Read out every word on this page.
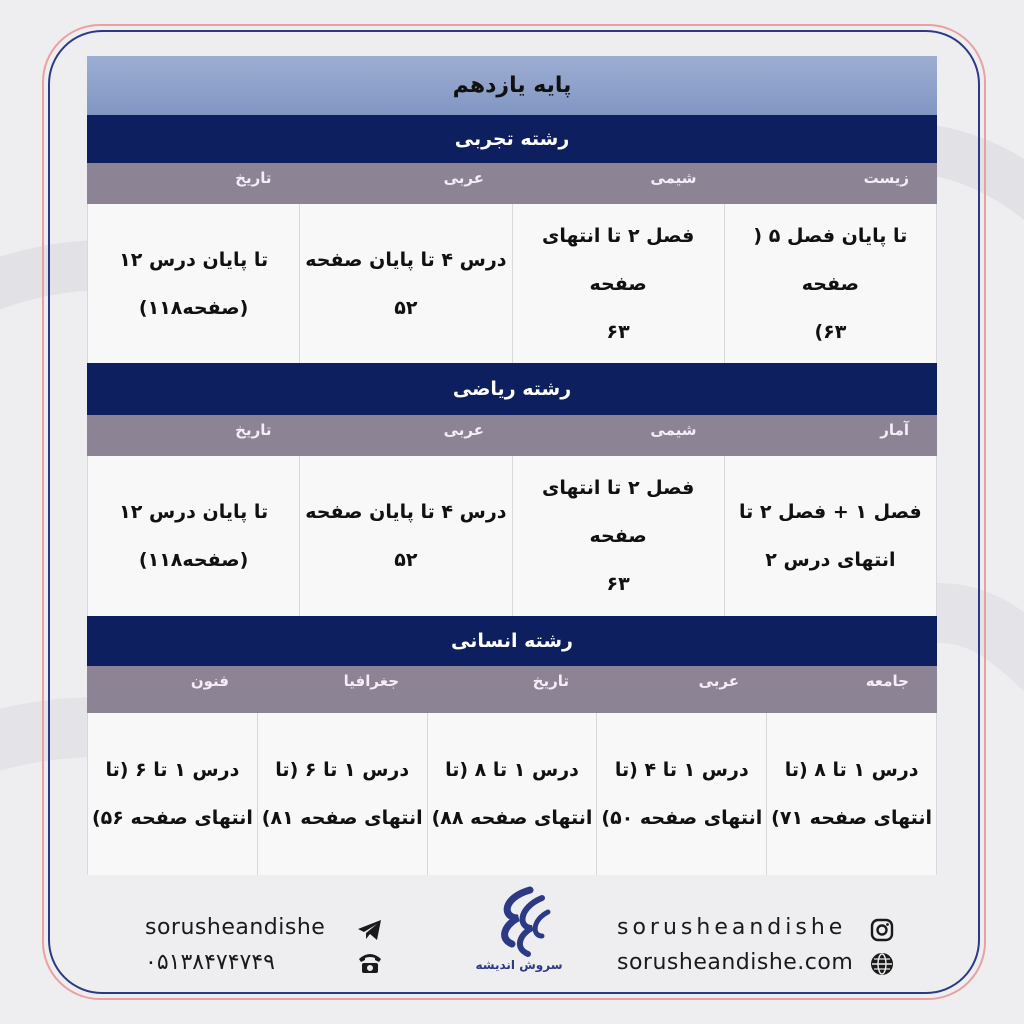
پایه یازدهم
رشته تجربی
زیست
شیمی
عربی
تاریخ
تا پایان فصل ۵ ( صفحه
۶۳)
فصل ۲ تا انتهای صفحه
۶۳
درس ۴ تا پایان صفحه
۵۲
تا پایان درس ۱۲
(صفحه۱۱۸)
رشته ریاضی
آمار
شیمی
عربی
تاریخ
فصل ۱ + فصل ۲ تا
انتهای درس ۲
فصل ۲ تا انتهای صفحه
۶۳
درس ۴ تا پایان صفحه
۵۲
تا پایان درس ۱۲
(صفحه۱۱۸)
رشته انسانی
جامعه
عربی
تاریخ
جغرافیا
فنون
درس ۱ تا ۸ (تا
انتهای صفحه ۷۱)
درس ۱ تا ۴ (تا
انتهای صفحه ۵۰)
درس ۱ تا ۸ (تا
انتهای صفحه ۸۸)
درس ۱ تا ۶ (تا
انتهای صفحه ۸۱)
درس ۱ تا ۶ (تا
انتهای صفحه ۵۶)
sorusheandishe
۰۵۱۳۸۴۷۴۷۴۹	سروش اندیشه
sorusheandishe
sorusheandishe.com
